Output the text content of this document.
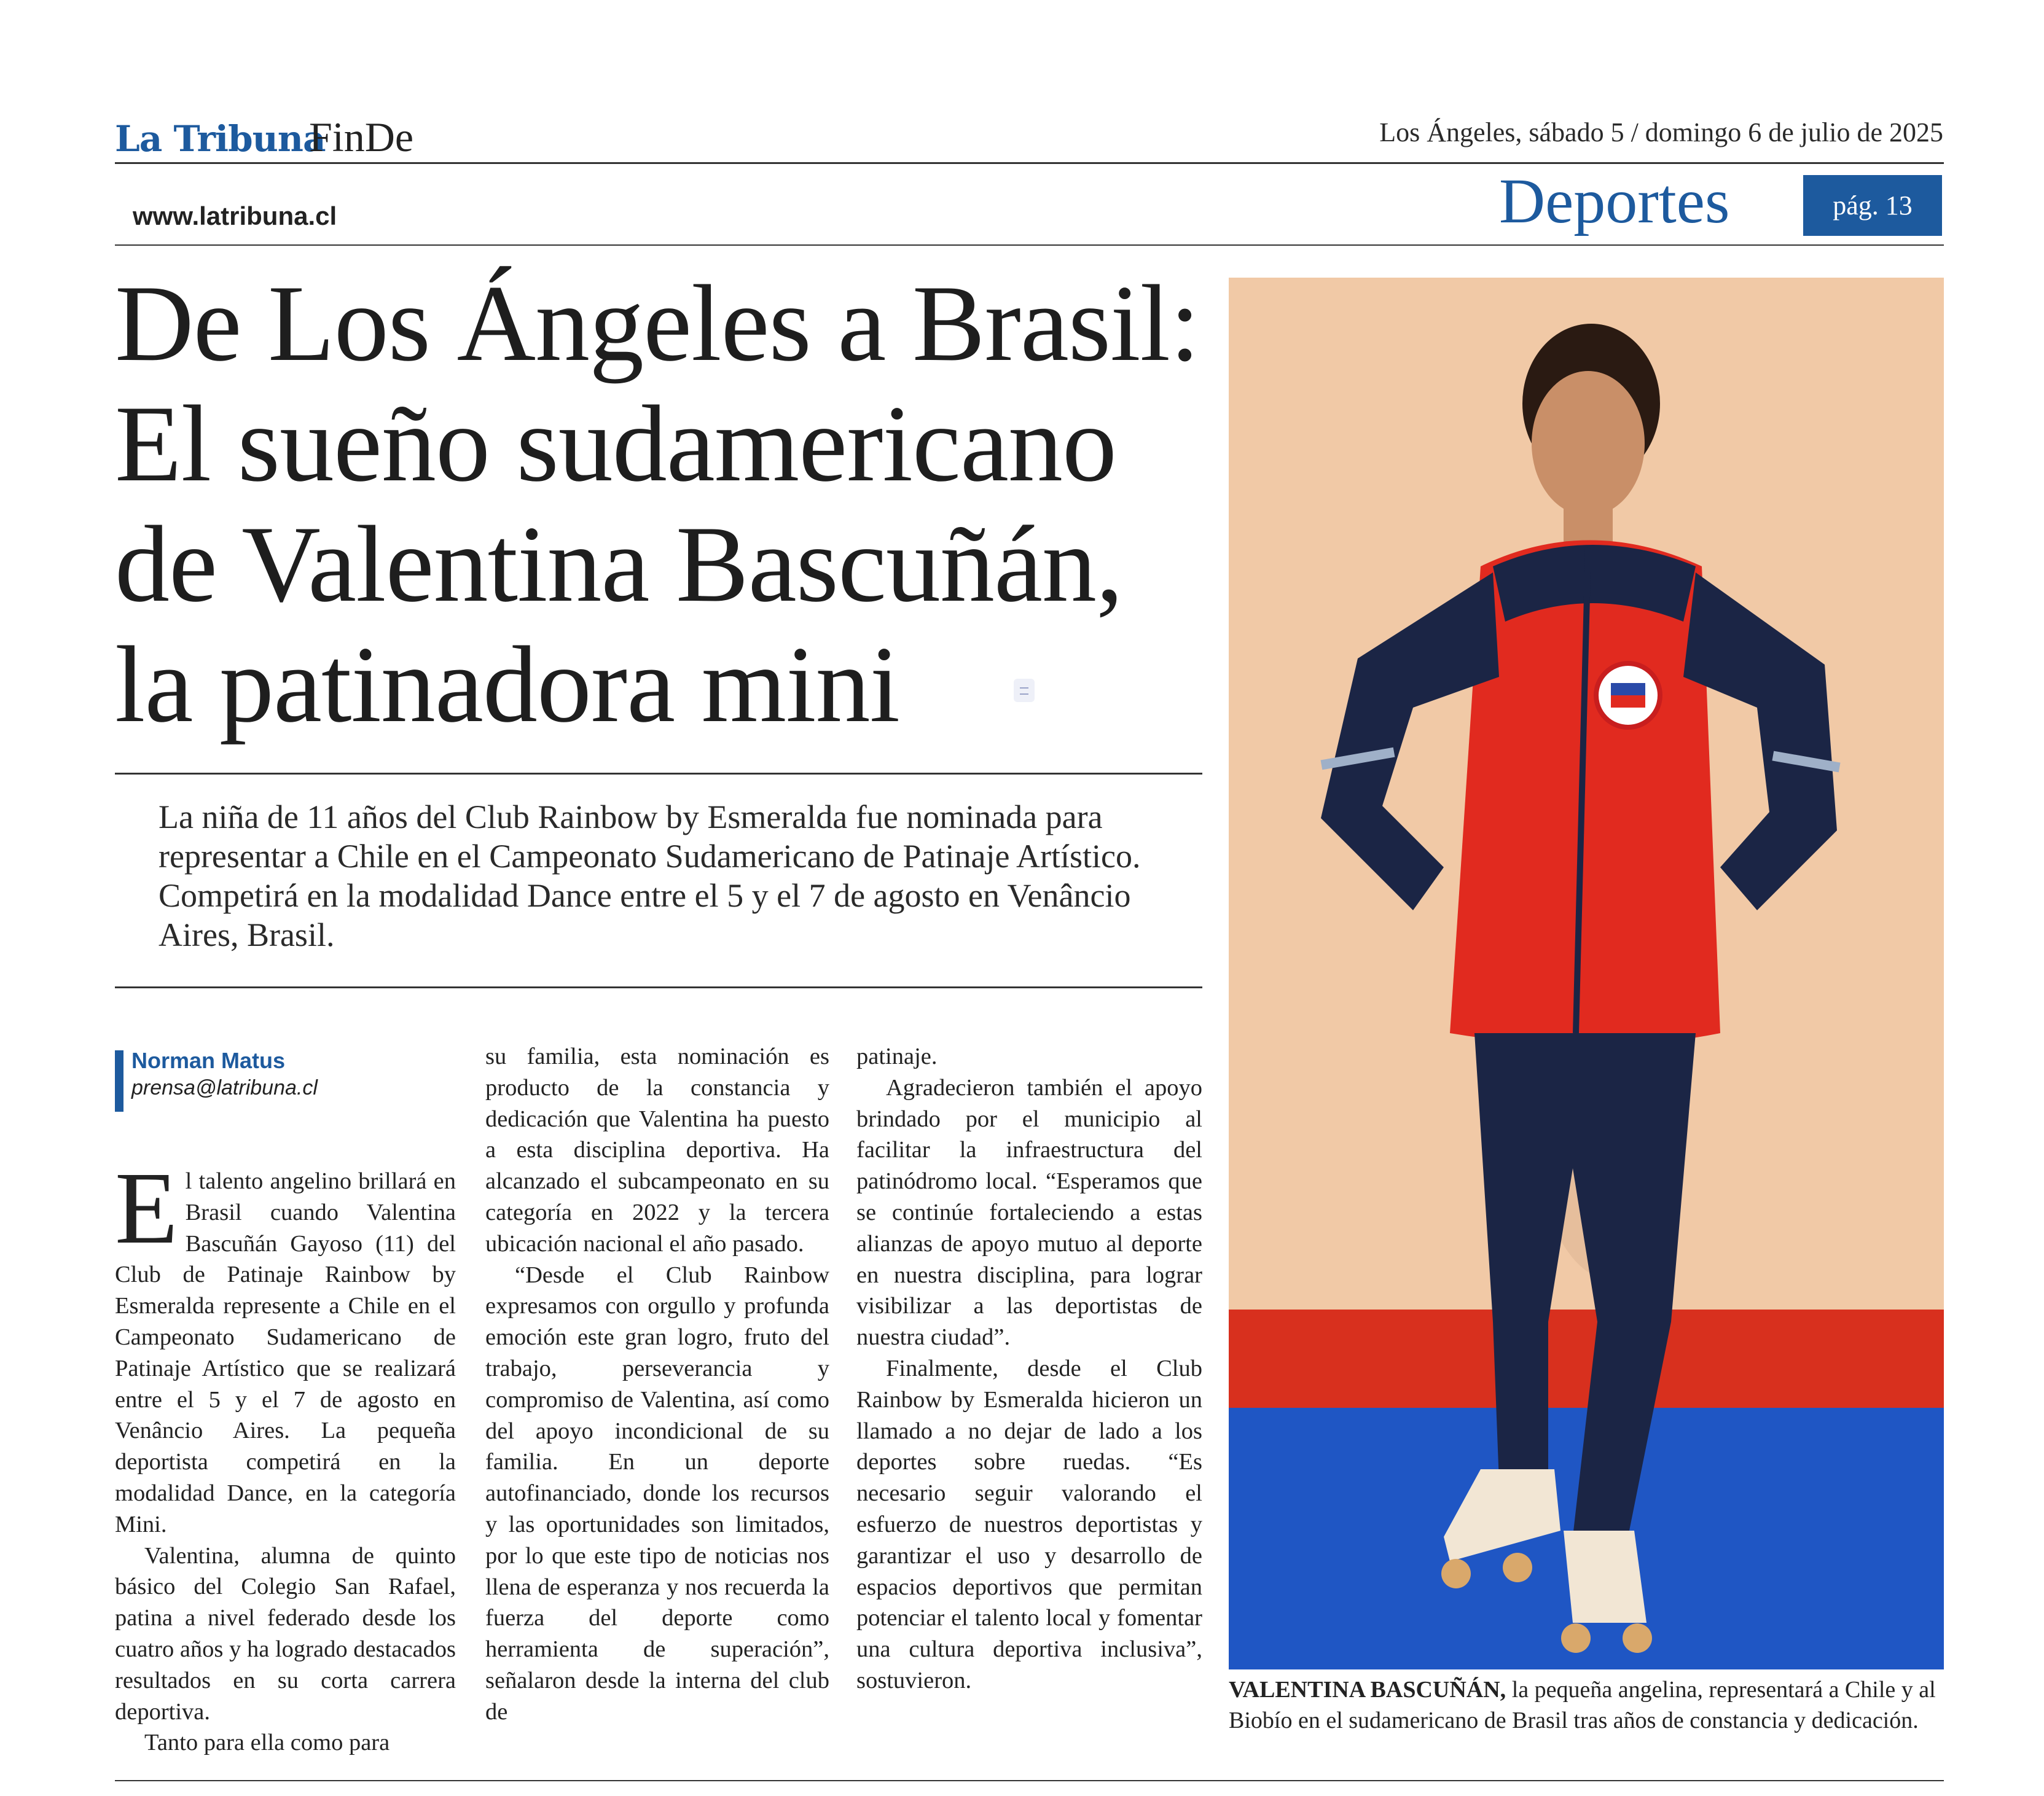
La Tribuna
FinDe	Los Ángeles, sábado 5 / domingo 6 de julio de 2025
www.latribuna.cl	Deportes	pág. 13
De Los Ángeles a Brasil:
El sueño sudamericano
de Valentina Bascuñán,
la patinadora mini
La niña de 11 años del Club Rainbow by Esmeralda fue nominada para representar a Chile en el Campeonato Sudamericano de Patinaje Artístico. Competirá en la modalidad Dance entre el 5 y el 7 de agosto en Venâncio Aires, Brasil.
Norman Matus
prensa@latribuna.cl
E l talento angelino brillará en Brasil cuando Valentina Bascuñán Gayoso (11) del Club de Patinaje Rainbow by Esmeralda represente a Chile en el Campeonato Sudamericano de Patinaje Artístico que se realizará entre el 5 y el 7 de agosto en Venâncio Aires. La pequeña deportista competirá en la modalidad Dance, en la categoría Mini.

Valentina, alumna de quinto básico del Colegio San Rafael, patina a nivel federado desde los cuatro años y ha logrado destacados resultados en su corta carrera deportiva.

Tanto para ella como para

su familia, esta nominación es producto de la constancia y dedicación que Valentina ha puesto a esta disciplina deportiva. Ha alcanzado el subcampeonato en su categoría en 2022 y la tercera ubicación nacional el año pasado.

“Desde el Club Rainbow expresamos con orgullo y profunda emoción este gran logro, fruto del trabajo, perseverancia y compromiso de Valentina, así como del apoyo incondicional de su familia. En un deporte autofinanciado, donde los recursos y las oportunidades son limitados, por lo que este tipo de noticias nos llena de esperanza y nos recuerda la fuerza del deporte como herramienta de superación”, señalaron desde la interna del club de

patinaje.

Agradecieron también el apoyo brindado por el municipio al facilitar la infraestructura del patinódromo local. “Esperamos que se continúe fortaleciendo a estas alianzas de apoyo mutuo al deporte en nuestra disciplina, para lograr visibilizar a las deportistas de nuestra ciudad”.

Finalmente, desde el Club Rainbow by Esmeralda hicieron un llamado a no dejar de lado a los deportes sobre ruedas. “Es necesario seguir valorando el esfuerzo de nuestros deportistas y garantizar el uso y desarrollo de espacios deportivos que permitan potenciar el talento local y fomentar una cultura deportiva inclusiva”, sostuvieron.	VALENTINA BASCUÑÁN, la pequeña angelina, representará a Chile y al Biobío en el sudamericano de Brasil tras años de constancia y dedicación.
